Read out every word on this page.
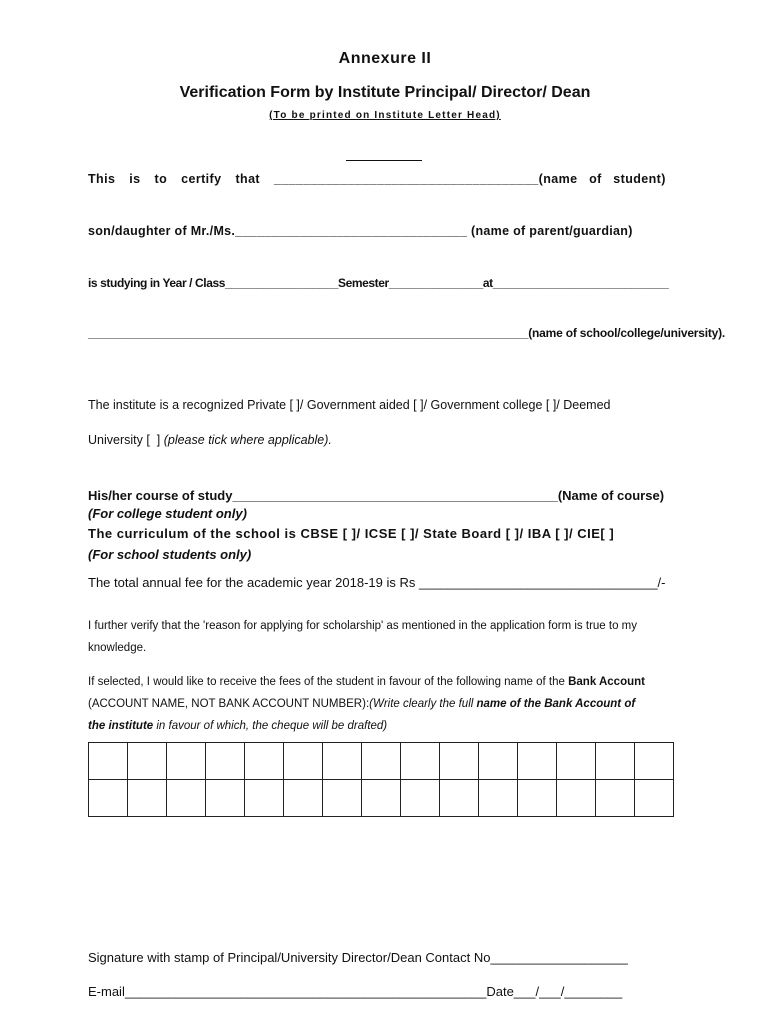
Annexure II
Verification Form by Institute Principal/ Director/ Dean
(To be printed on Institute Letter Head)
This is to certify that ____________________________________(name   of   student)
son/daughter of Mr./Ms.________________________________ (name of parent/guardian)
is studying in Year / Class__________________Semester_______________at____________________________
____________________________________________________________________(name of school/college/university).
The institute is a recognized Private [ ]/ Government aided [ ]/ Government college [ ]/ Deemed
University [  ] (please tick where applicable).
His/her course of study_____________________________________________(Name of course)
(For college student only)
The curriculum of the school is CBSE [ ]/ ICSE [ ]/ State Board [ ]/ IBA [ ]/ CIE[ ]
(For school students only)
The total annual fee for the academic year 2018-19 is Rs _________________________________/-
I further verify that the 'reason for applying for scholarship' as mentioned in the application form is true to my
knowledge.
If selected, I would like to receive the fees of the student in favour of the following name of the Bank Account
(ACCOUNT NAME, NOT BANK ACCOUNT NUMBER):(Write clearly the full name of the Bank Account of
the institute in favour of which, the cheque will be drafted)

Signature with stamp of Principal/University Director/Dean Contact No___________________
E-mail__________________________________________________Date___/___/________
